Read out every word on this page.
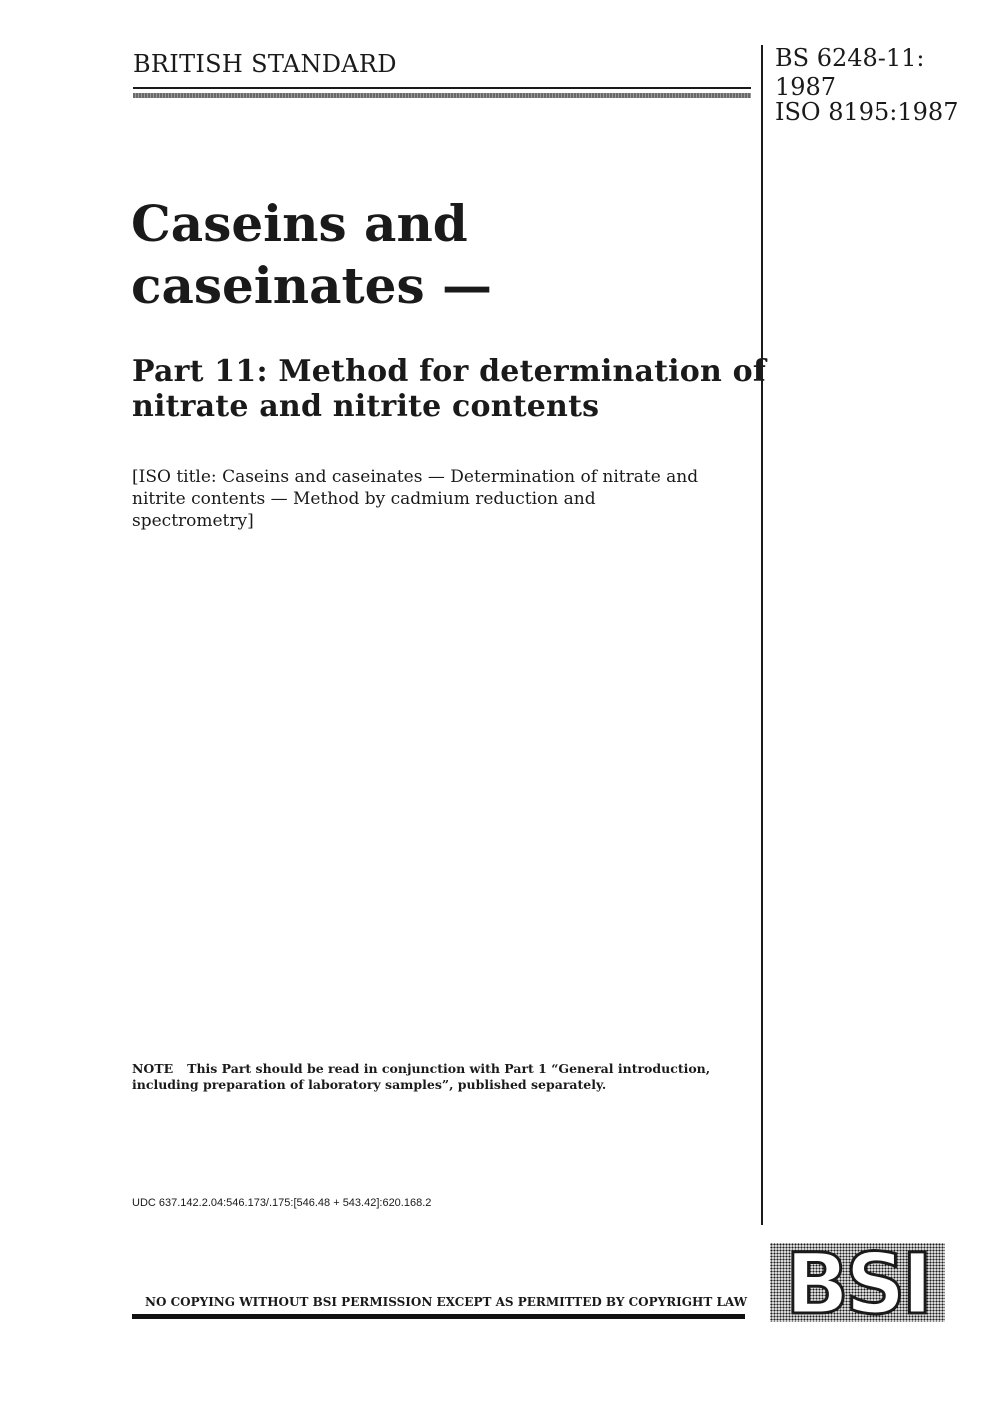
BRITISH STANDARD	BS 6248-11:
1987
ISO 8195:1987
Caseins and
caseinates —
Part 11: Method for determination of
nitrate and nitrite contents
[ISO title: Caseins and caseinates — Determination of nitrate and
nitrite contents — Method by cadmium reduction and
spectrometry]
NOTE This Part should be read in conjunction with Part 1 “General introduction,
including preparation of laboratory samples”, published separately.
UDC 637.142.2.04:546.173/.175:[546.48 + 543.42]:620.168.2
NO COPYING WITHOUT BSI PERMISSION EXCEPT AS PERMITTED BY COPYRIGHT LAW BSI
